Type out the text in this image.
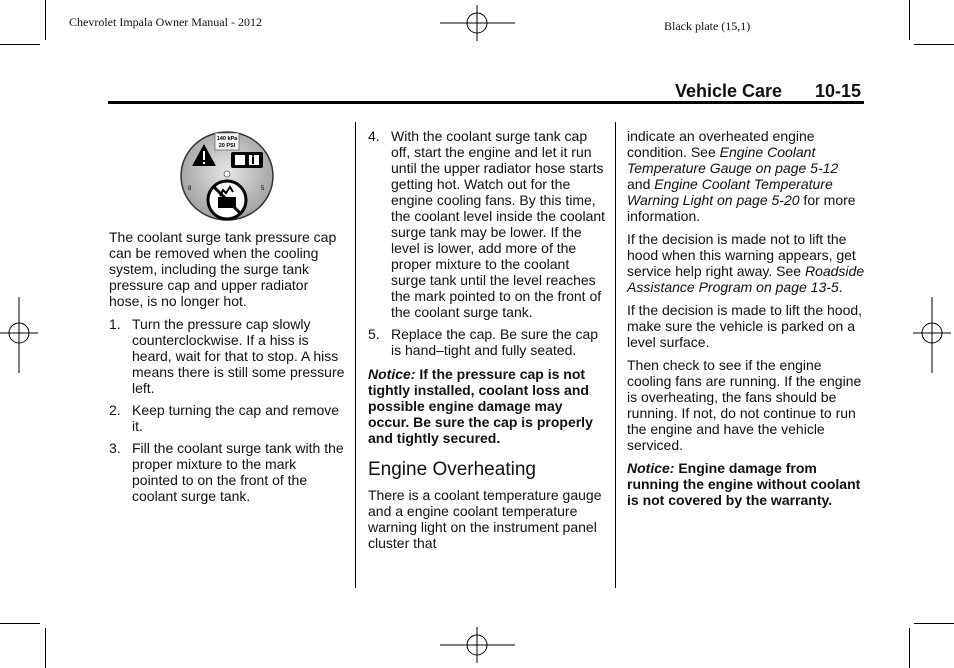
Chevrolet Impala Owner Manual - 2012	Black plate (15,1)
Vehicle Care 10-15
140 kPa
20 PSI
8	5

The coolant surge tank pressure cap can be removed when the cooling system, including the surge tank pressure cap and upper radiator hose, is no longer hot.

1. Turn the pressure cap slowly counterclockwise. If a hiss is heard, wait for that to stop. A hiss means there is still some pressure left.
2. Keep turning the cap and remove it.
3. Fill the coolant surge tank with the proper mixture to the mark pointed to on the front of the coolant surge tank.
4. With the coolant surge tank cap off, start the engine and let it run until the upper radiator hose starts getting hot. Watch out for the engine cooling fans. By this time, the coolant level inside the coolant surge tank may be lower. If the level is lower, add more of the proper mixture to the coolant surge tank until the level reaches the mark pointed to on the front of the coolant surge tank.
5. Replace the cap. Be sure the cap is hand–tight and fully seated.

Notice: If the pressure cap is not tightly installed, coolant loss and possible engine damage may occur. Be sure the cap is properly and tightly secured.

Engine Overheating

There is a coolant temperature gauge and a engine coolant temperature warning light on the instrument panel cluster that

indicate an overheated engine condition. See Engine Coolant Temperature Gauge on page 5-12 and Engine Coolant Temperature Warning Light on page 5-20 for more information.

If the decision is made not to lift the hood when this warning appears, get service help right away. See Roadside Assistance Program on page 13-5.

If the decision is made to lift the hood, make sure the vehicle is parked on a level surface.

Then check to see if the engine cooling fans are running. If the engine is overheating, the fans should be running. If not, do not continue to run the engine and have the vehicle serviced.

Notice: Engine damage from running the engine without coolant is not covered by the warranty.
